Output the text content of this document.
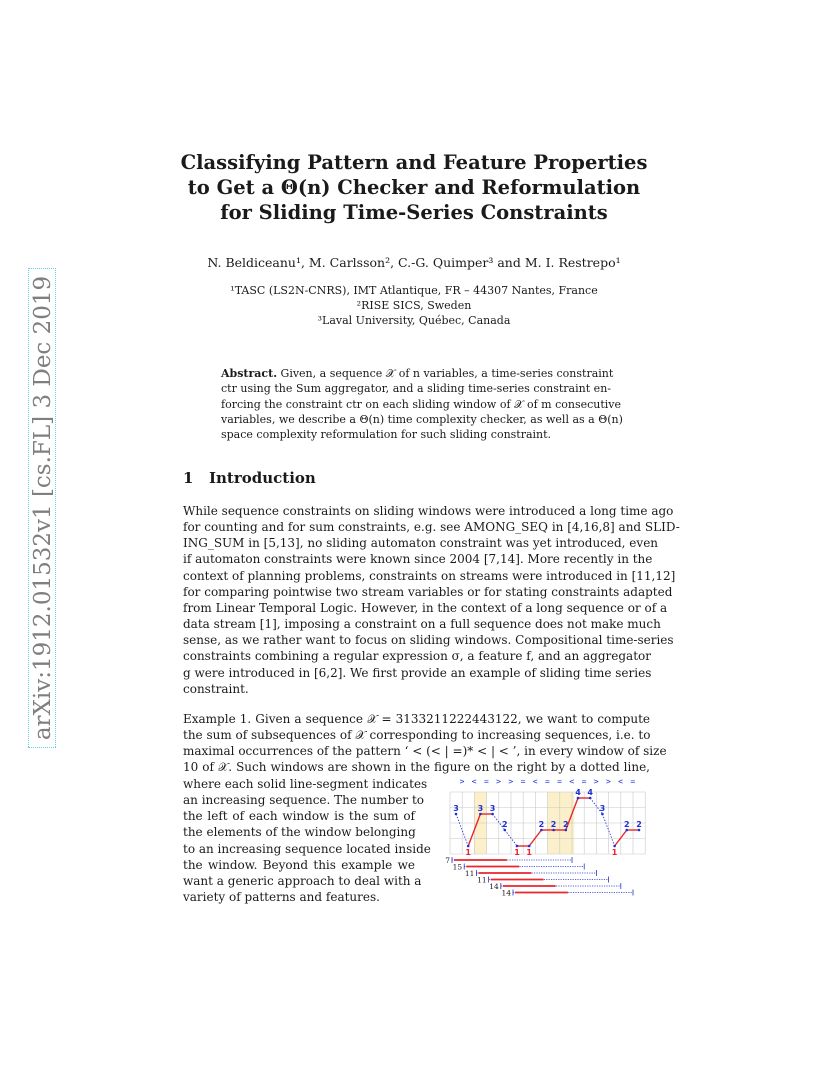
arXiv:1912.01532v1 [cs.FL] 3 Dec 2019
Classifying Pattern and Feature Properties
to Get a Θ(n) Checker and Reformulation
for Sliding Time-Series Constraints
N. Beldiceanu¹, M. Carlsson², C.-G. Quimper³ and M. I. Restrepo¹
¹TASC (LS2N-CNRS), IMT Atlantique, FR – 44307 Nantes, France
²RISE SICS, Sweden
³Laval University, Québec, Canada
Abstract. Given, a sequence 𝒳 of n variables, a time-series constraint
ctr using the Sum aggregator, and a sliding time-series constraint en-
forcing the constraint ctr on each sliding window of 𝒳 of m consecutive
variables, we describe a Θ(n) time complexity checker, as well as a Θ(n)
space complexity reformulation for such sliding constraint.
1 Introduction
While sequence constraints on sliding windows were introduced a long time ago
for counting and for sum constraints, e.g. see AMONG_SEQ in [4,16,8] and SLID-
ING_SUM in [5,13], no sliding automaton constraint was yet introduced, even
if automaton constraints were known since 2004 [7,14]. More recently in the
context of planning problems, constraints on streams were introduced in [11,12]
for comparing pointwise two stream variables or for stating constraints adapted
from Linear Temporal Logic. However, in the context of a long sequence or of a
data stream [1], imposing a constraint on a full sequence does not make much
sense, as we rather want to focus on sliding windows. Compositional time-series
constraints combining a regular expression σ, a feature f, and an aggregator
g were introduced in [6,2]. We first provide an example of sliding time series
constraint.
Example 1. Given a sequence 𝒳 = 3133211222443122, we want to compute
the sum of subsequences of 𝒳 corresponding to increasing sequences, i.e. to
maximal occurrences of the pattern ‘ < (< | =)* < | < ’, in every window of size
10 of 𝒳. Such windows are shown in the figure on the right by a dotted line,
where each solid line-segment indicates
an increasing sequence. The number to
the left of each window is the sum of
the elements of the window belonging
to an increasing sequence located inside
the window. Beyond this example we
want a generic approach to deal with a
variety of patterns and features.
> < = > > = < = = < = > > < =
3
1
3 3
2
1 1
2 2 2
4 4
3
1
2 2
7
15
11
11
14
14
